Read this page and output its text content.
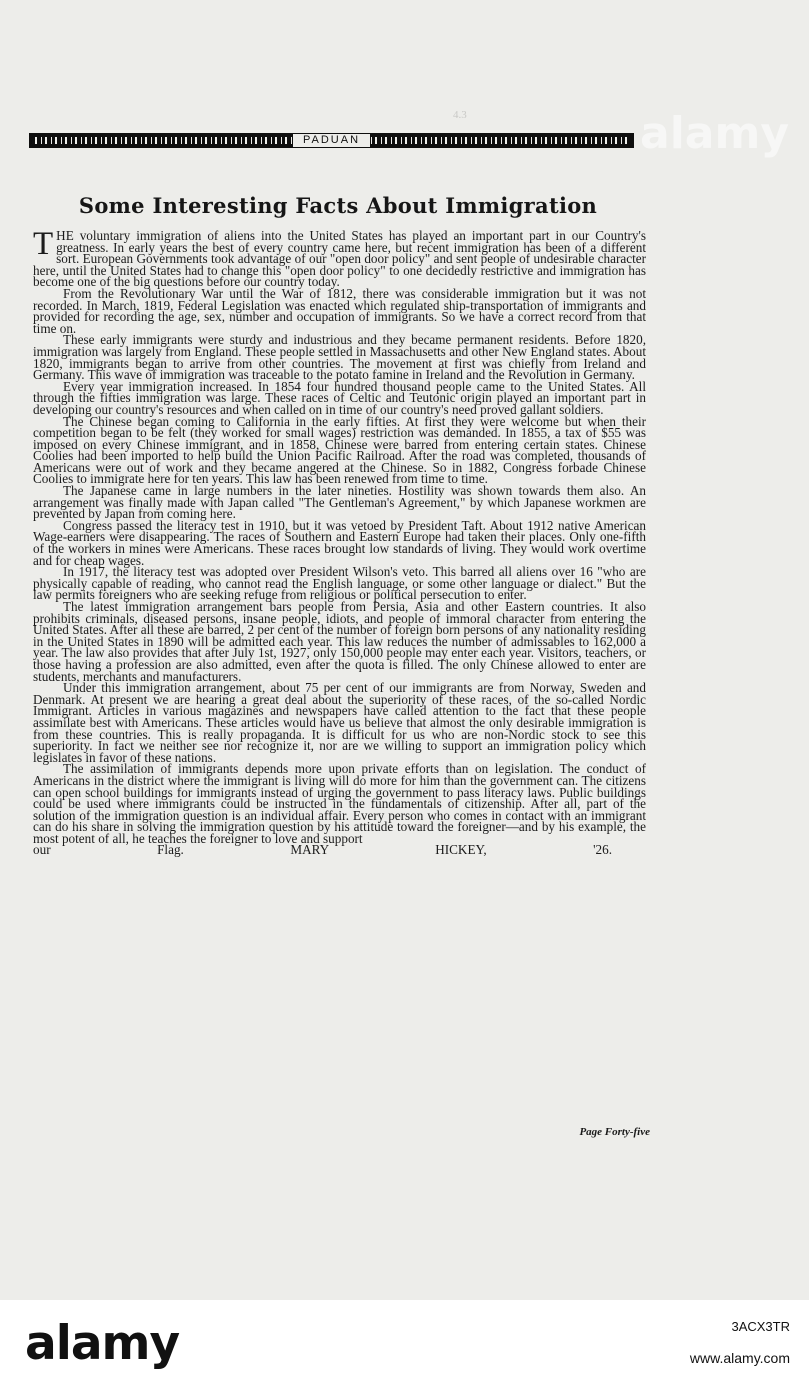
4.3
PADUAN
Some Interesting Facts About Immigration

THE voluntary immigration of aliens into the United States has played an important part in our Country's greatness. In early years the best of every country came here, but recent immigration has been of a different sort. European Governments took advantage of our "open door policy" and sent people of undesirable character here, until the United States had to change this "open door policy" to one decidedly restrictive and immigration has become one of the big questions before our country today.

From the Revolutionary War until the War of 1812, there was considerable immigration but it was not recorded. In March, 1819, Federal Legislation was enacted which regulated ship-transportation of immigrants and provided for recording the age, sex, number and occupation of immigrants. So we have a correct record from that time on.

These early immigrants were sturdy and industrious and they became permanent residents. Before 1820, immigration was largely from England. These people settled in Massachusetts and other New England states. About 1820, immigrants began to arrive from other countries. The movement at first was chiefly from Ireland and Germany. This wave of immigration was traceable to the potato famine in Ireland and the Revolution in Germany.

Every year immigration increased. In 1854 four hundred thousand people came to the United States. All through the fifties immigration was large. These races of Celtic and Teutonic origin played an important part in developing our country's resources and when called on in time of our country's need proved gallant soldiers.

The Chinese began coming to California in the early fifties. At first they were welcome but when their competition began to be felt (they worked for small wages) restriction was demanded. In 1855, a tax of $55 was imposed on every Chinese immigrant, and in 1858, Chinese were barred from entering certain states. Chinese Coolies had been imported to help build the Union Pacific Railroad. After the road was completed, thousands of Americans were out of work and they became angered at the Chinese. So in 1882, Congress forbade Chinese Coolies to immigrate here for ten years. This law has been renewed from time to time.

The Japanese came in large numbers in the later nineties. Hostility was shown towards them also. An arrangement was finally made with Japan called "The Gentleman's Agreement," by which Japanese workmen are prevented by Japan from coming here.

Congress passed the literacy test in 1910, but it was vetoed by President Taft. About 1912 native American Wage-earners were disappearing. The races of Southern and Eastern Europe had taken their places. Only one-fifth of the workers in mines were Americans. These races brought low standards of living. They would work overtime and for cheap wages.

In 1917, the literacy test was adopted over President Wilson's veto. This barred all aliens over 16 "who are physically capable of reading, who cannot read the English language, or some other language or dialect." But the law permits foreigners who are seeking refuge from religious or political persecution to enter.

The latest immigration arrangement bars people from Persia, Asia and other Eastern countries. It also prohibits criminals, diseased persons, insane people, idiots, and people of immoral character from entering the United States. After all these are barred, 2 per cent of the number of foreign born persons of any nationality residing in the United States in 1890 will be admitted each year. This law reduces the number of admissables to 162,000 a year. The law also provides that after July 1st, 1927, only 150,000 people may enter each year. Visitors, teachers, or those having a profession are also admitted, even after the quota is filled. The only Chinese allowed to enter are students, merchants and manufacturers.

Under this immigration arrangement, about 75 per cent of our immigrants are from Norway, Sweden and Denmark. At present we are hearing a great deal about the superiority of these races, of the so-called Nordic Immigrant. Articles in various magazines and newspapers have called attention to the fact that these people assimilate best with Americans. These articles would have us believe that almost the only desirable immigration is from these countries. This is really propaganda. It is difficult for us who are non-Nordic stock to see this superiority. In fact we neither see nor recognize it, nor are we willing to support an immigration policy which legislates in favor of these nations.

The assimilation of immigrants depends more upon private efforts than on legislation. The conduct of Americans in the district where the immigrant is living will do more for him than the government can. The citizens can open school buildings for immigrants instead of urging the government to pass literacy laws. Public buildings could be used where immigrants could be instructed in the fundamentals of citizenship. After all, part of the solution of the immigration question is an individual affair. Every person who comes in contact with an immigrant can do his share in solving the immigration question by his attitude toward the foreigner—and by his example, the most potent of all, he teaches the foreigner to love and support

our Flag.	MARY HICKEY, '26.

Page Forty-five
alamy
alamy	3ACX3TR
www.alamy.com
